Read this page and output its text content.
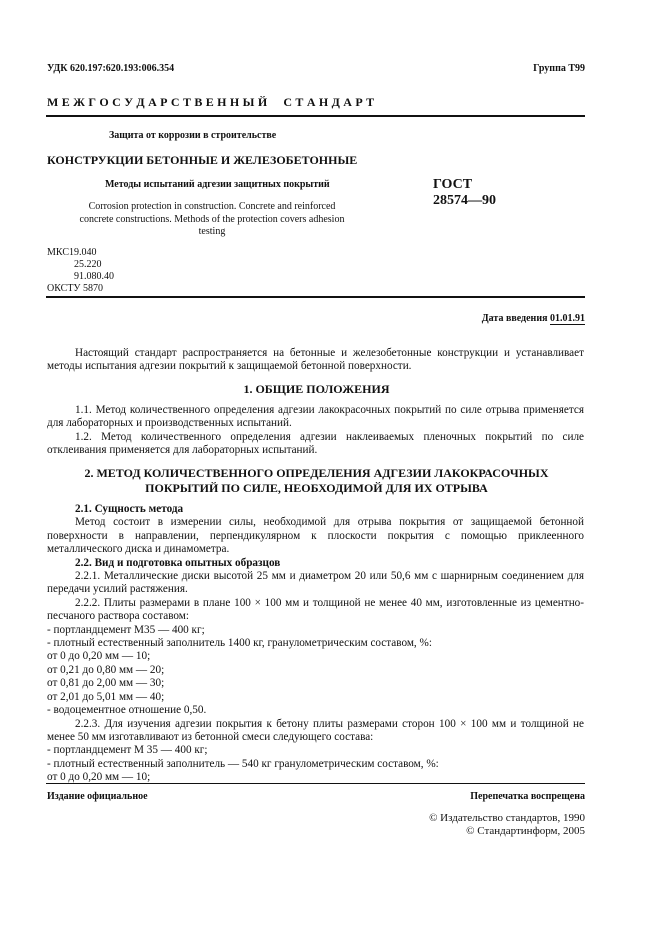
УДК 620.197:620.193:006.354	Группа Т99
М Е Ж Г О С У Д А Р С Т В Е Н Н Ы Й     С Т А Н Д А Р Т
Защита от коррозии в строительстве
КОНСТРУКЦИИ БЕТОННЫЕ И ЖЕЛЕЗОБЕТОННЫЕ
Методы испытаний адгезии защитных покрытий
Corrosion protection in construction. Concrete and reinforced
concrete constructions. Methods of the protection covers adhesion
testing
ГОСТ
28574—90
МКС19.040
25.220
91.080.40
ОКСТУ 5870
Дата введения 01.01.91

Настоящий стандарт распространяется на бетонные и железобетонные конструкции и устанавливает методы испытания адгезии покрытий к защищаемой бетонной поверхности.

1. ОБЩИЕ ПОЛОЖЕНИЯ

1.1. Метод количественного определения адгезии лакокрасочных покрытий по силе отрыва применяется для лабораторных и производственных испытаний.

1.2. Метод количественного определения адгезии наклеиваемых пленочных покрытий по силе отклеивания применяется для лабораторных испытаний.

2. МЕТОД КОЛИЧЕСТВЕННОГО ОПРЕДЕЛЕНИЯ АДГЕЗИИ ЛАКОКРАСОЧНЫХ
ПОКРЫТИЙ ПО СИЛЕ, НЕОБХОДИМОЙ ДЛЯ ИХ ОТРЫВА

2.1. Сущность метода

Метод состоит в измерении силы, необходимой для отрыва покрытия от защищаемой бетонной поверхности в направлении, перпендикулярном к плоскости покрытия с помощью приклеенного металлического диска и динамометра.

2.2. Вид и подготовка опытных образцов

2.2.1. Металлические диски высотой 25 мм и диаметром 20 или 50,6 мм с шарнирным соединением для передачи усилий растяжения.

2.2.2. Плиты размерами в плане 100 × 100 мм и толщиной не менее 40 мм, изготовленные из цементно-песчаного раствора составом:

- портландцемент М35 — 400 кг;
- плотный естественный заполнитель 1400 кг, гранулометрическим составом, %:
от 0 до 0,20 мм — 10;
от 0,21 до 0,80 мм — 20;
от 0,81 до 2,00 мм — 30;
от 2,01 до 5,01 мм — 40;
- водоцементное отношение 0,50.

2.2.3. Для изучения адгезии покрытия к бетону плиты размерами сторон 100 × 100 мм и толщиной не менее 50 мм изготавливают из бетонной смеси следующего состава:

- портландцемент М 35 — 400 кг;
- плотный естественный заполнитель — 540 кг гранулометрическим составом, %:
от 0 до 0,20 мм — 10;
Издание официальное	Перепечатка воспрещена
© Издательство стандартов, 1990
© Стандартинформ, 2005
